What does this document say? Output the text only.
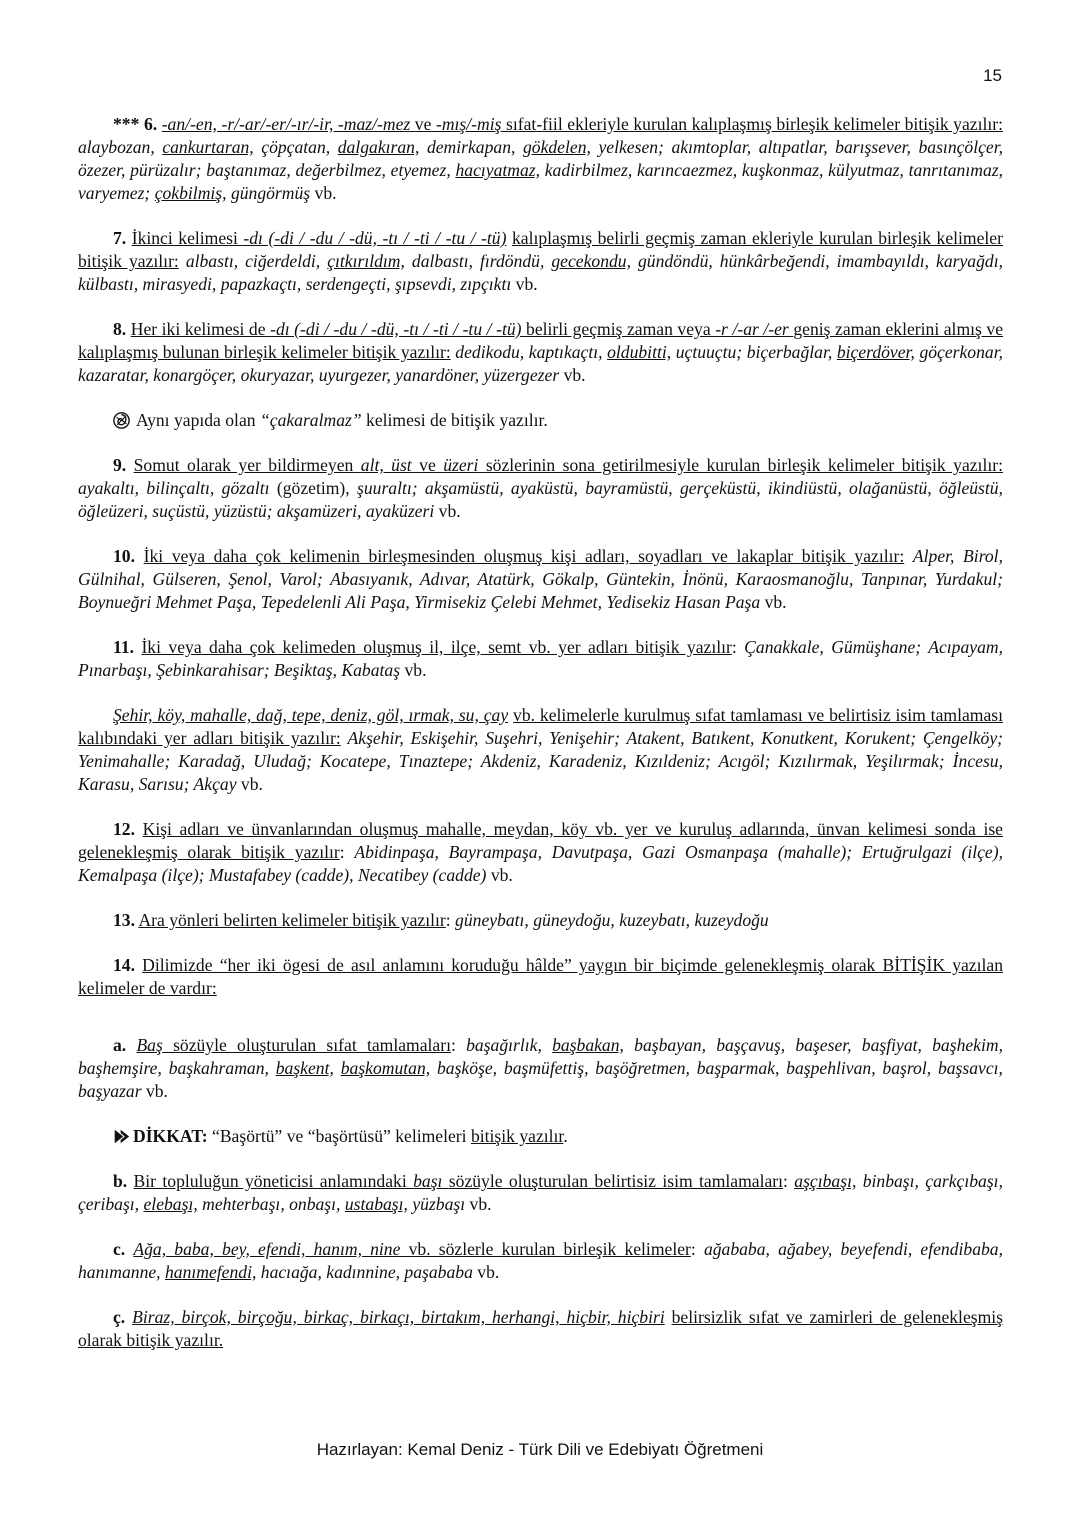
15

*** 6. -an/-en, -r/-ar/-er/-ır/-ir, -maz/-mez ve -mış/-miş sıfat-fiil ekleriyle kurulan kalıplaşmış birleşik kelimeler bitişik yazılır: alaybozan, cankurtaran, çöpçatan, dalgakıran, demirkapan, gökdelen, yelkesen; akımtoplar, altıpatlar, barışsever, basınçölçer, özezer, pürüzalır; baştanımaz, değerbilmez, etyemez, hacıyatmaz, kadirbilmez, karıncaezmez, kuşkonmaz, külyutmaz, tanrıtanımaz, varyemez; çokbilmiş, güngörmüş vb.

7. İkinci kelimesi -dı (-di / -du / -dü, -tı / -ti / -tu / -tü) kalıplaşmış belirli geçmiş zaman ekleriyle kurulan birleşik kelimeler bitişik yazılır: albastı, ciğerdeldi, çıtkırıldım, dalbastı, fırdöndü, gecekondu, gündöndü, hünkârbeğendi, imambayıldı, karyağdı, külbastı, mirasyedi, papazkaçtı, serdengeçti, şıpsevdi, zıpçıktı vb.

8. Her iki kelimesi de -dı (-di / -du / -dü, -tı / -ti / -tu / -tü) belirli geçmiş zaman veya -r /-ar /-er geniş zaman eklerini almış ve kalıplaşmış bulunan birleşik kelimeler bitişik yazılır: dedikodu, kaptıkaçtı, oldubitti, uçtuuçtu; biçerbağlar, biçerdöver, göçerkonar, kazaratar, konargöçer, okuryazar, uyurgezer, yanardöner, yüzergezer vb.

Aynı yapıda olan “çakaralmaz” kelimesi de bitişik yazılır.

9. Somut olarak yer bildirmeyen alt, üst ve üzeri sözlerinin sona getirilmesiyle kurulan birleşik kelimeler bitişik yazılır: ayakaltı, bilinçaltı, gözaltı (gözetim), şuuraltı; akşamüstü, ayaküstü, bayramüstü, gerçeküstü, ikindiüstü, olağanüstü, öğleüstü, öğleüzeri, suçüstü, yüzüstü; akşamüzeri, ayaküzeri vb.

10. İki veya daha çok kelimenin birleşmesinden oluşmuş kişi adları, soyadları ve lakaplar bitişik yazılır: Alper, Birol, Gülnihal, Gülseren, Şenol, Varol; Abasıyanık, Adıvar, Atatürk, Gökalp, Güntekin, İnönü, Karaosmanoğlu, Tanpınar, Yurdakul; Boynueğri Mehmet Paşa, Tepedelenli Ali Paşa, Yirmisekiz Çelebi Mehmet, Yedisekiz Hasan Paşa vb.

11. İki veya daha çok kelimeden oluşmuş il, ilçe, semt vb. yer adları bitişik yazılır: Çanakkale, Gümüşhane; Acıpayam, Pınarbaşı, Şebinkarahisar; Beşiktaş, Kabataş vb.

Şehir, köy, mahalle, dağ, tepe, deniz, göl, ırmak, su, çay vb. kelimelerle kurulmuş sıfat tamlaması ve belirtisiz isim tamlaması kalıbındaki yer adları bitişik yazılır: Akşehir, Eskişehir, Suşehri, Yenişehir; Atakent, Batıkent, Konutkent, Korukent; Çengelköy; Yenimahalle; Karadağ, Uludağ; Kocatepe, Tınaztepe; Akdeniz, Karadeniz, Kızıldeniz; Acıgöl; Kızılırmak, Yeşilırmak; İncesu, Karasu, Sarısu; Akçay vb.

12. Kişi adları ve ünvanlarından oluşmuş mahalle, meydan, köy vb. yer ve kuruluş adlarında, ünvan kelimesi sonda ise gelenekleşmiş olarak bitişik yazılır: Abidinpaşa, Bayrampaşa, Davutpaşa, Gazi Osmanpaşa (mahalle); Ertuğrulgazi (ilçe), Kemalpaşa (ilçe); Mustafabey (cadde), Necatibey (cadde) vb.

13. Ara yönleri belirten kelimeler bitişik yazılır: güneybatı, güneydoğu, kuzeybatı, kuzeydoğu

14. Dilimizde “her iki ögesi de asıl anlamını koruduğu hâlde” yaygın bir biçimde gelenekleşmiş olarak BİTİŞİK yazılan kelimeler de vardır:

a. Baş sözüyle oluşturulan sıfat tamlamaları: başağırlık, başbakan, başbayan, başçavuş, başeser, başfiyat, başhekim, başhemşire, başkahraman, başkent, başkomutan, başköşe, başmüfettiş, başöğretmen, başparmak, başpehlivan, başrol, başsavcı, başyazar vb.

DİKKAT: “Başörtü” ve “başörtüsü” kelimeleri bitişik yazılır.

b. Bir topluluğun yöneticisi anlamındaki başı sözüyle oluşturulan belirtisiz isim tamlamaları: aşçıbaşı, binbaşı, çarkçıbaşı, çeribaşı, elebaşı, mehterbaşı, onbaşı, ustabaşı, yüzbaşı vb.

c. Ağa, baba, bey, efendi, hanım, nine vb. sözlerle kurulan birleşik kelimeler: ağababa, ağabey, beyefendi, efendibaba, hanımanne, hanımefendi, hacıağa, kadınnine, paşababa vb.

ç. Biraz, birçok, birçoğu, birkaç, birkaçı, birtakım, herhangi, hiçbir, hiçbiri belirsizlik sıfat ve zamirleri de gelenekleşmiş olarak bitişik yazılır.

Hazırlayan: Kemal Deniz - Türk Dili ve Edebiyatı Öğretmeni
